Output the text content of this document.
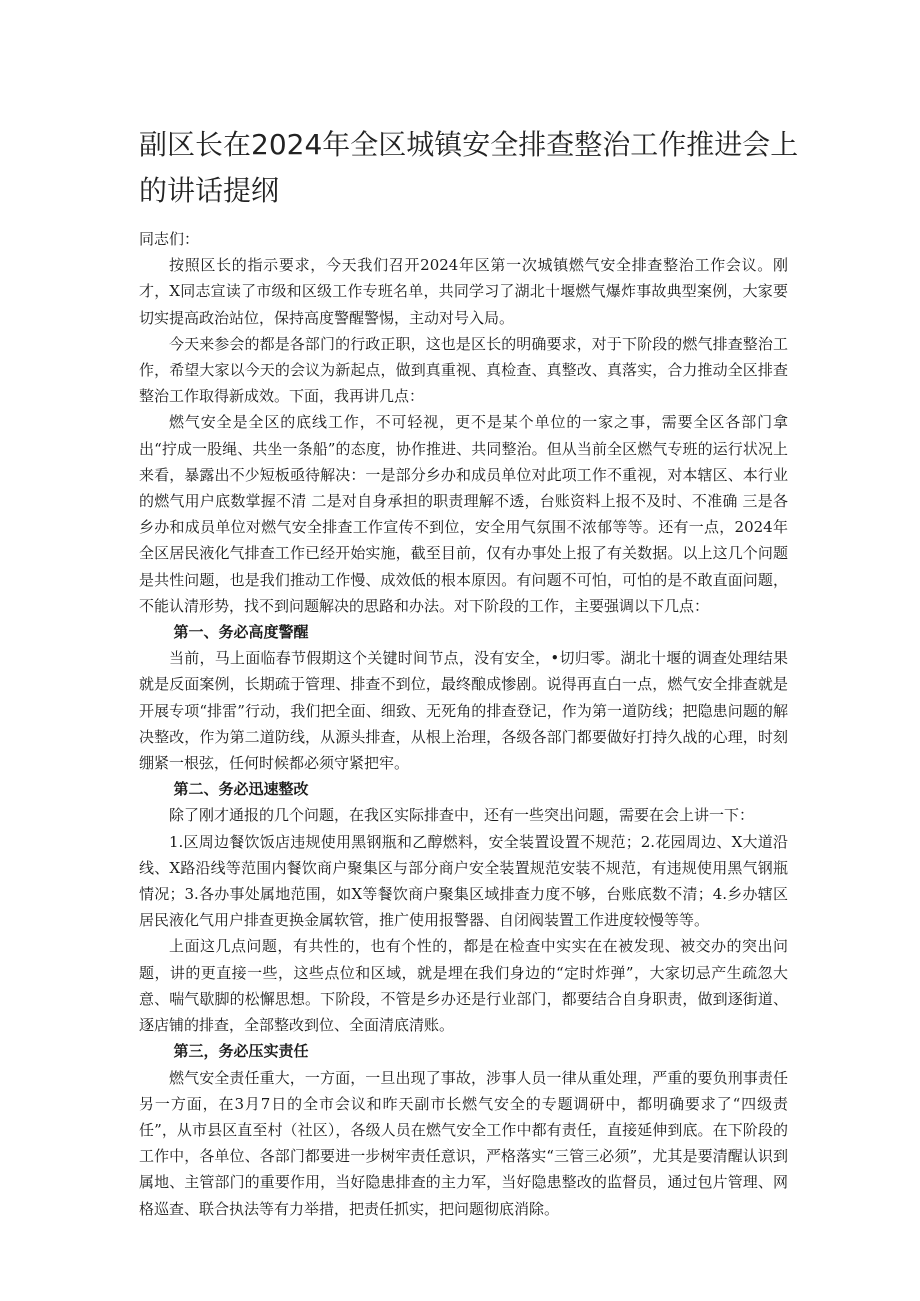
副区长在2024年全区城镇安全排查整治工作推进会上的讲话提纲

同志们：

按照区长的指示要求，今天我们召开2024年区第一次城镇燃气安全排查整治工作会议。刚才，X同志宣读了市级和区级工作专班名单，共同学习了湖北十堰燃气爆炸事故典型案例，大家要切实提高政治站位，保持高度警醒警惕，主动对号入局。

今天来参会的都是各部门的行政正职，这也是区长的明确要求，对于下阶段的燃气排查整治工作，希望大家以今天的会议为新起点，做到真重视、真检查、真整改、真落实，合力推动全区排查整治工作取得新成效。下面，我再讲几点：

燃气安全是全区的底线工作，不可轻视，更不是某个单位的一家之事，需要全区各部门拿出“拧成一股绳、共坐一条船”的态度，协作推进、共同整治。但从当前全区燃气专班的运行状况上来看，暴露出不少短板亟待解决：一是部分乡办和成员单位对此项工作不重视，对本辖区、本行业的燃气用户底数掌握不清 二是对自身承担的职责理解不透，台账资料上报不及时、不准确 三是各乡办和成员单位对燃气安全排查工作宣传不到位，安全用气氛围不浓郁等等。还有一点，2024年全区居民液化气排查工作已经开始实施，截至目前，仅有办事处上报了有关数据。以上这几个问题是共性问题，也是我们推动工作慢、成效低的根本原因。有问题不可怕，可怕的是不敢直面问题，不能认清形势，找不到问题解决的思路和办法。对下阶段的工作，主要强调以下几点：

第一、务必高度警醒

当前，马上面临春节假期这个关键时间节点，没有安全，•切归零。湖北十堰的调查处理结果就是反面案例，长期疏于管理、排查不到位，最终酿成惨剧。说得再直白一点，燃气安全排查就是开展专项“排雷”行动，我们把全面、细致、无死角的排查登记，作为第一道防线；把隐患问题的解决整改，作为第二道防线，从源头排查，从根上治理，各级各部门都要做好打持久战的心理，时刻绷紧一根弦，任何时候都必须守紧把牢。

第二、务必迅速整改

除了刚才通报的几个问题，在我区实际排查中，还有一些突出问题，需要在会上讲一下：

1.区周边餐饮饭店违规使用黑钢瓶和乙醇燃料，安全装置设置不规范；2.花园周边、X大道沿线、X路沿线等范围内餐饮商户聚集区与部分商户安全装置规范安装不规范，有违规使用黑气钢瓶情况；3.各办事处属地范围，如X等餐饮商户聚集区域排查力度不够，台账底数不清；4.乡办辖区居民液化气用户排查更换金属软管，推广使用报警器、自闭阀装置工作进度较慢等等。

上面这几点问题，有共性的，也有个性的，都是在检查中实实在在被发现、被交办的突出问题，讲的更直接一些，这些点位和区域，就是埋在我们身边的“定时炸弹”，大家切忌产生疏忽大意、喘气歇脚的松懈思想。下阶段，不管是乡办还是行业部门，都要结合自身职责，做到逐街道、逐店铺的排查，全部整改到位、全面清底清账。

第三，务必压实责任

燃气安全责任重大，一方面，一旦出现了事故，涉事人员一律从重处理，严重的要负刑事责任 另一方面，在3月7日的全市会议和昨天副市长燃气安全的专题调研中，都明确要求了“四级责任”，从市县区直至村（社区），各级人员在燃气安全工作中都有责任，直接延伸到底。在下阶段的工作中，各单位、各部门都要进一步树牢责任意识，严格落实“三管三必须”，尤其是要清醒认识到属地、主管部门的重要作用，当好隐患排查的主力军，当好隐患整改的监督员，通过包片管理、网格巡查、联合执法等有力举措，把责任抓实，把问题彻底消除。
